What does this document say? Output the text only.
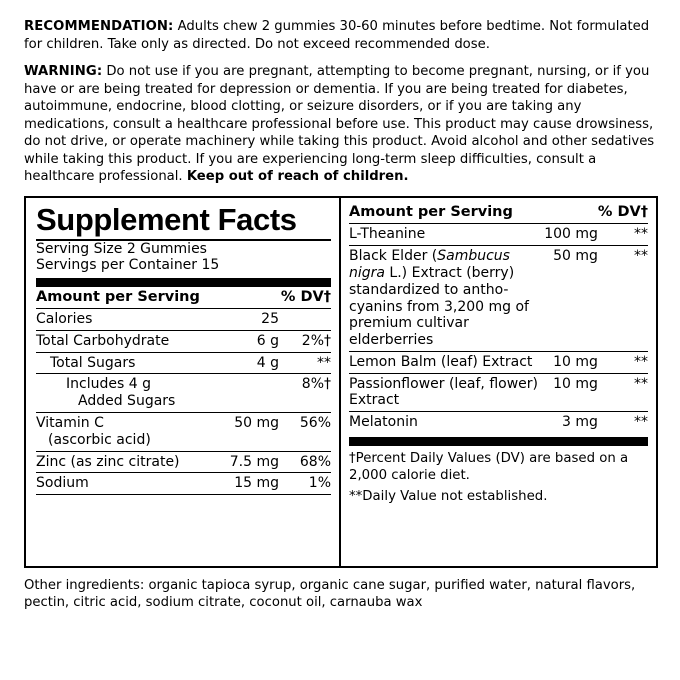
RECOMMENDATION: Adults chew 2 gummies 30-60 minutes before bedtime. Not formulated for children. Take only as directed. Do not exceed recommended dose.

WARNING: Do not use if you are pregnant, attempting to become pregnant, nursing, or if you have or are being treated for depression or dementia. If you are being treated for diabetes, autoimmune, endocrine, blood clotting, or seizure disorders, or if you are taking any medications, consult a healthcare professional before use. This product may cause drowsiness, do not drive, or operate machinery while taking this product. Avoid alcohol and other sedatives while taking this product. If you are experiencing long-term sleep difficulties, consult a healthcare professional. Keep out of reach of children.

Supplement Facts
Serving Size 2 Gummies
Servings per Container 15
Amount per Serving		% DV†
Calories	25	
Total Carbohydrate	6 g	2%†
Total Sugars	4 g	**
Includes 4 g
Added Sugars		8%†
Vitamin C
(ascorbic acid)	50 mg	56%
Zinc (as zinc citrate)	7.5 mg	68%
Sodium	15 mg	1%
Amount per Serving		% DV†
L-Theanine	100 mg	**
Black Elder (Sambucus nigra L.) Extract (berry) standardized to antho-cyanins from 3,200 mg of premium cultivar elderberries	50 mg	**
Lemon Balm (leaf) Extract	10 mg	**
Passionflower (leaf, flower) Extract	10 mg	**
Melatonin	3 mg	**
†Percent Daily Values (DV) are based on a 2,000 calorie diet.
**Daily Value not established.

Other ingredients: organic tapioca syrup, organic cane sugar, purified water, natural flavors, pectin, citric acid, sodium citrate, coconut oil, carnauba wax
